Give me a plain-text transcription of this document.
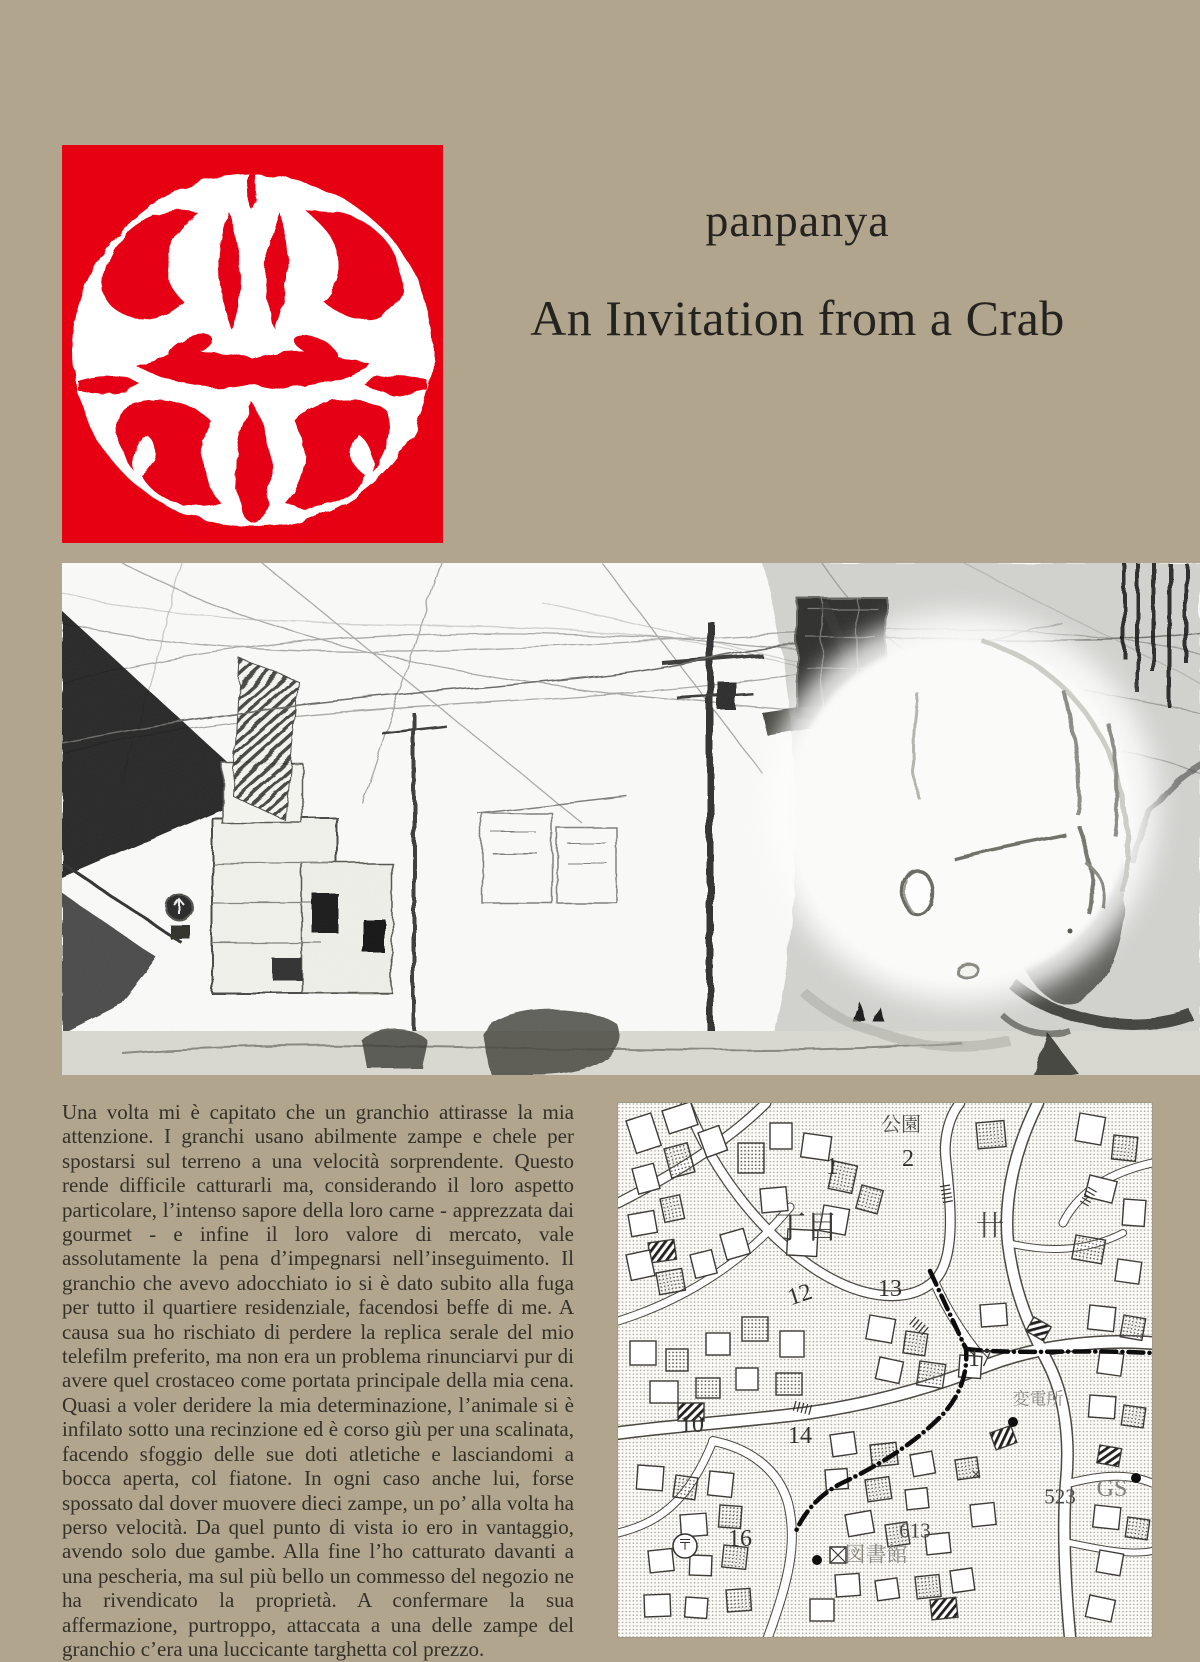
panpanya
An Invitation from a Crab
Una volta mi è capitato che un granchio attirasse la mia attenzione. I granchi usano abilmente zampe e chele per spostarsi sul terreno a una velocità sorprendente. Questo rende difficile catturarli ma, considerando il loro aspetto particolare, l’intenso sapore della loro carne - apprezzata dai gourmet - e infine il loro valore di mercato, vale assolutamente la pena d’impegnarsi nell’inseguimento. Il granchio che avevo adocchiato io si è dato subito alla fuga per tutto il quartiere residenziale, facendosi beffe di me. A causa sua ho rischiato di perdere la replica serale del mio telefilm preferito, ma non era un problema rinunciarvi pur di avere quel crostaceo come portata principale della mia cena. Quasi a voler deridere la mia determinazione, l’animale si è infilato sotto una recinzione ed è corso giù per una scalinata, facendo sfoggio delle sue doti atletiche e lasciandomi a bocca aperta, col fiatone. In ogni caso anche lui, forse spossato dal dover muovere dieci zampe, un po’ alla volta ha perso velocità. Da quel punto di vista io ero in vantaggio, avendo solo due gambe. Alla fine l’ho catturato davanti a una pescheria, ma sul più bello un commesso del negozio ne ha rivendicato la proprietà. A confermare la sua affermazione, purtroppo, attaccata a una delle zampe del granchio c’era una luccicante targhetta col prezzo.
公園
2
1
丁目	卄
13
12
17
10	14
変電所
×
523 GS
613
16
図書館
〒
